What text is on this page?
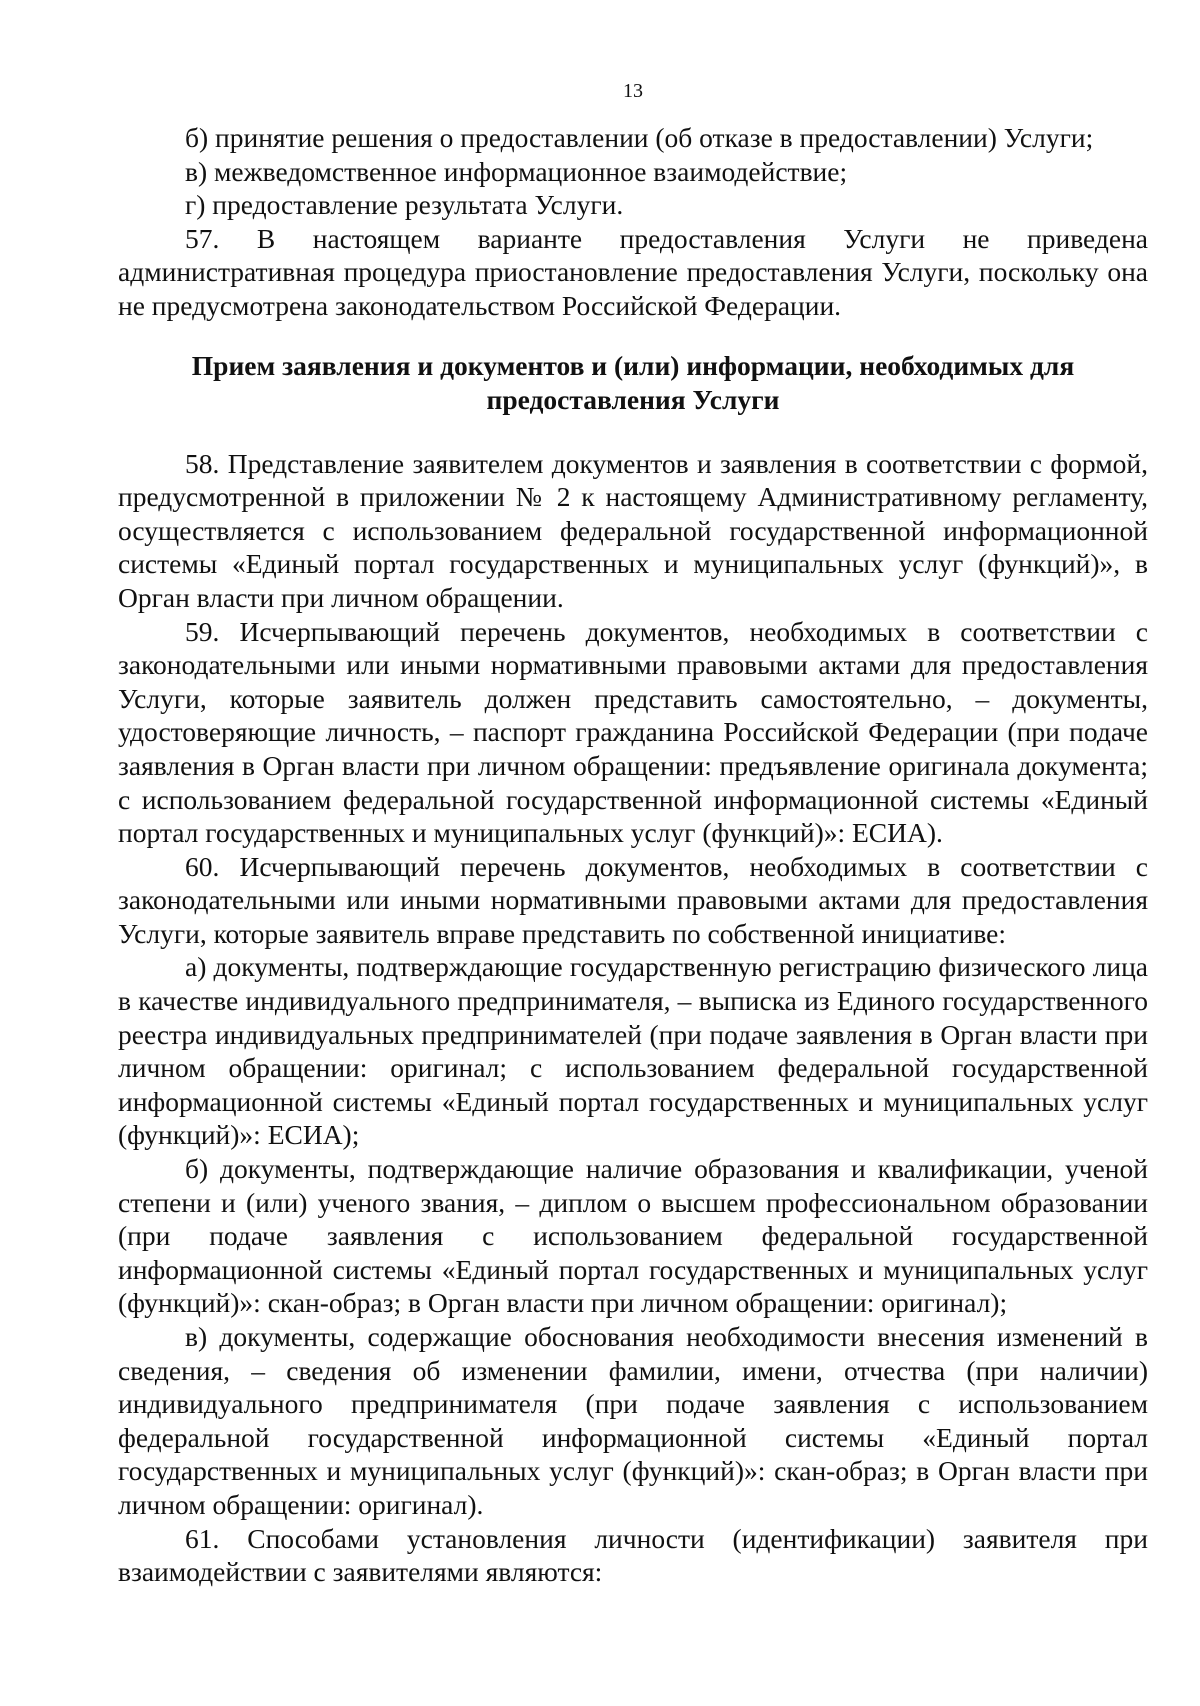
13

б) принятие решения о предоставлении (об отказе в предоставлении) Услуги;

в) межведомственное информационное взаимодействие;

г) предоставление результата Услуги.

57. В настоящем варианте предоставления Услуги не приведена административная процедура приостановление предоставления Услуги, поскольку она не предусмотрена законодательством Российской Федерации.

Прием заявления и документов и (или) информации, необходимых для предоставления Услуги

58. Представление заявителем документов и заявления в соответствии с формой, предусмотренной в приложении № 2 к настоящему Административному регламенту, осуществляется с использованием федеральной государственной информационной системы «Единый портал государственных и муниципальных услуг (функций)», в Орган власти при личном обращении.

59. Исчерпывающий перечень документов, необходимых в соответствии с законодательными или иными нормативными правовыми актами для предоставления Услуги, которые заявитель должен представить самостоятельно, – документы, удостоверяющие личность, – паспорт гражданина Российской Федерации (при подаче заявления в Орган власти при личном обращении: предъявление оригинала документа; с использованием федеральной государственной информационной системы «Единый портал государственных и муниципальных услуг (функций)»: ЕСИА).

60. Исчерпывающий перечень документов, необходимых в соответствии с законодательными или иными нормативными правовыми актами для предоставления Услуги, которые заявитель вправе представить по собственной инициативе:

а) документы, подтверждающие государственную регистрацию физического лица в качестве индивидуального предпринимателя, – выписка из Единого государственного реестра индивидуальных предпринимателей (при подаче заявления в Орган власти при личном обращении: оригинал; с использованием федеральной государственной информационной системы «Единый портал государственных и муниципальных услуг (функций)»: ЕСИА);

б) документы, подтверждающие наличие образования и квалификации, ученой степени и (или) ученого звания, – диплом о высшем профессиональном образовании (при подаче заявления с использованием федеральной государственной информационной системы «Единый портал государственных и муниципальных услуг (функций)»: скан-образ; в Орган власти при личном обращении: оригинал);

в) документы, содержащие обоснования необходимости внесения изменений в сведения, – сведения об изменении фамилии, имени, отчества (при наличии) индивидуального предпринимателя (при подаче заявления с использованием федеральной государственной информационной системы «Единый портал государственных и муниципальных услуг (функций)»: скан-образ; в Орган власти при личном обращении: оригинал).

61. Способами установления личности (идентификации) заявителя при взаимодействии с заявителями являются:
